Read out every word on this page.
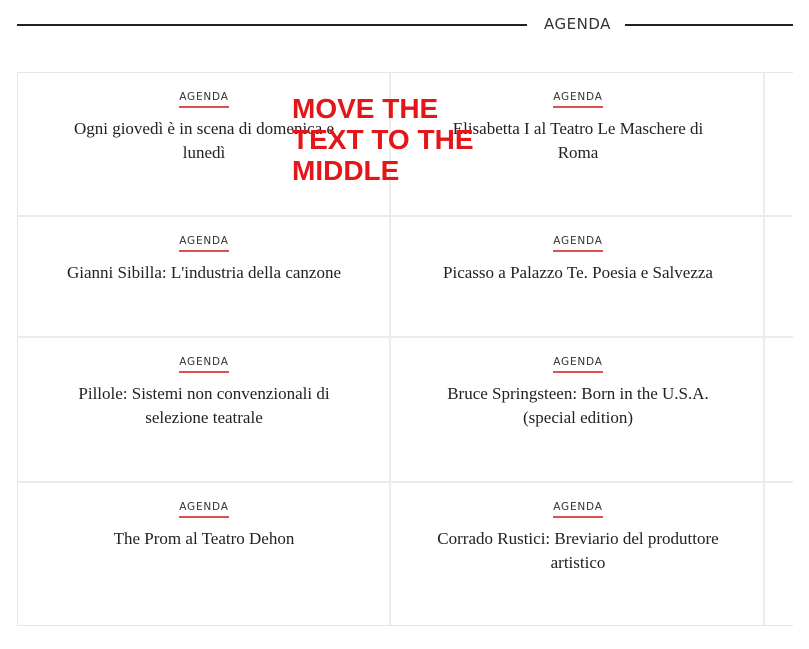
AGENDA
AGENDA
Ogni giovedì è in scena di domenica e lunedì
AGENDA
Elisabetta I al Teatro Le Maschere di Roma
AGENDA
Gianni Sibilla: L'industria della canzone
AGENDA
Picasso a Palazzo Te. Poesia e Salvezza
AGENDA
Pillole: Sistemi non convenzionali di selezione teatrale
AGENDA
Bruce Springsteen: Born in the U.S.A. (special edition)
AGENDA
The Prom al Teatro Dehon
AGENDA
Corrado Rustici: Breviario del produttore artistico
MOVE THE TEXT TO THE MIDDLE
